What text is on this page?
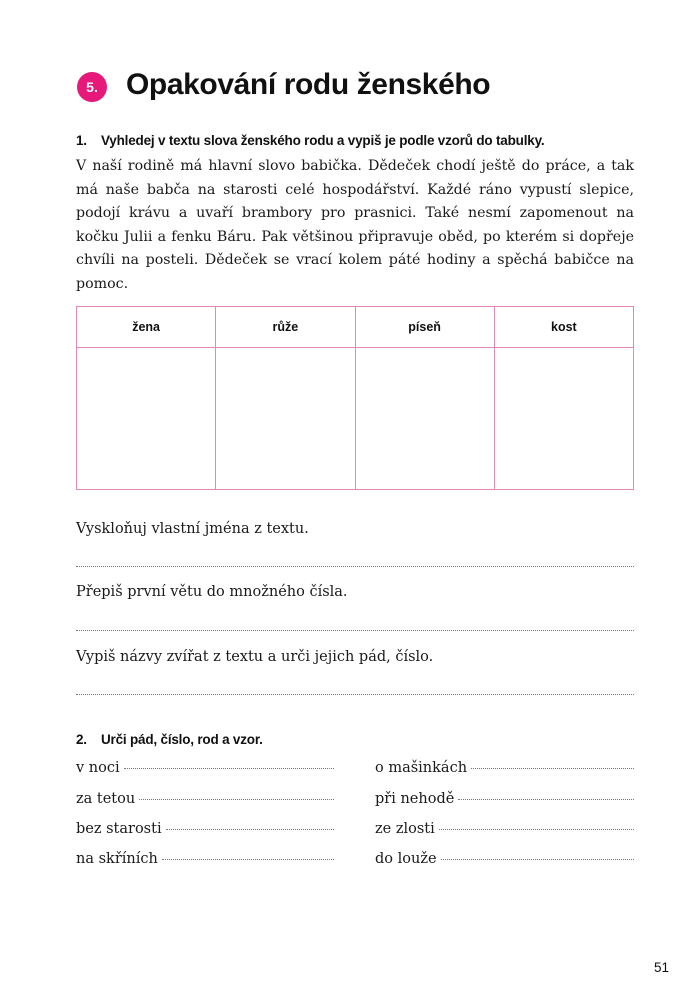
5. Opakování rodu ženského

1. Vyhledej v textu slova ženského rodu a vypiš je podle vzorů do tabulky.

V naší rodině má hlavní slovo babička. Dědeček chodí ještě do práce, a tak má naše babča na starosti celé hospodářství. Každé ráno vypustí slepice, podojí krávu a uvaří brambory pro prasnici. Také nesmí zapomenout na kočku Julii a fenku Báru. Pak většinou připravuje oběd, po kterém si dopřeje chvíli na posteli. Dědeček se vrací kolem páté hodiny a spěchá babičce na pomoc.

žena	růže	píseň	kost

Vyskloňuj vlastní jména z textu.

Přepiš první větu do množného čísla.

Vypiš názvy zvířat z textu a urči jejich pád, číslo.

2. Urči pád, číslo, rod a vzor.

v noci
za tetou
bez starosti
na skříních
o mašinkách
při nehodě
ze zlosti
do louže

51
